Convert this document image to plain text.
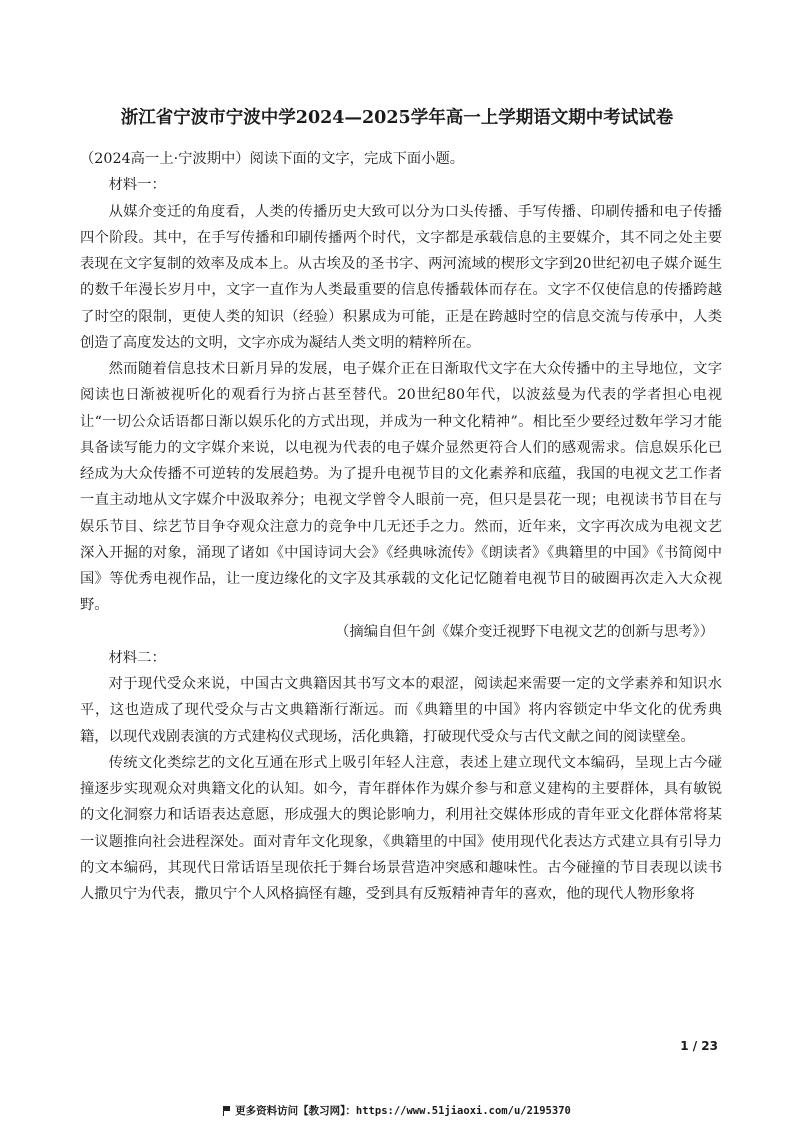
浙江省宁波市宁波中学2024—2025学年高一上学期语文期中考试试卷

（2024高一上·宁波期中）阅读下面的文字，完成下面小题。

材料一：

从媒介变迁的角度看，人类的传播历史大致可以分为口头传播、手写传播、印刷传播和电子传播四个阶段。其中，在手写传播和印刷传播两个时代，文字都是承载信息的主要媒介，其不同之处主要表现在文字复制的效率及成本上。从古埃及的圣书字、两河流域的楔形文字到20世纪初电子媒介诞生的数千年漫长岁月中，文字一直作为人类最重要的信息传播载体而存在。文字不仅使信息的传播跨越了时空的限制，更使人类的知识（经验）积累成为可能，正是在跨越时空的信息交流与传承中，人类创造了高度发达的文明，文字亦成为凝结人类文明的精粹所在。

然而随着信息技术日新月异的发展，电子媒介正在日渐取代文字在大众传播中的主导地位，文字阅读也日渐被视听化的观看行为挤占甚至替代。20世纪80年代，以波兹曼为代表的学者担心电视让“一切公众话语都日渐以娱乐化的方式出现，并成为一种文化精神”。相比至少要经过数年学习才能具备读写能力的文字媒介来说，以电视为代表的电子媒介显然更符合人们的感观需求。信息娱乐化已经成为大众传播不可逆转的发展趋势。为了提升电视节目的文化素养和底蕴，我国的电视文艺工作者一直主动地从文字媒介中汲取养分；电视文学曾令人眼前一亮，但只是昙花一现；电视读书节目在与娱乐节目、综艺节目争夺观众注意力的竞争中几无还手之力。然而，近年来，文字再次成为电视文艺深入开掘的对象，涌现了诸如《中国诗词大会》《经典咏流传》《朗读者》《典籍里的中国》《书简阅中国》等优秀电视作品，让一度边缘化的文字及其承载的文化记忆随着电视节目的破圈再次走入大众视野。

（摘编自但午剑《媒介变迁视野下电视文艺的创新与思考》）

材料二：

对于现代受众来说，中国古文典籍因其书写文本的艰涩，阅读起来需要一定的文学素养和知识水平，这也造成了现代受众与古文典籍渐行渐远。而《典籍里的中国》将内容锁定中华文化的优秀典籍，以现代戏剧表演的方式建构仪式现场，活化典籍，打破现代受众与古代文献之间的阅读壁垒。

传统文化类综艺的文化互通在形式上吸引年轻人注意，表述上建立现代文本编码，呈现上古今碰撞逐步实现观众对典籍文化的认知。如今，青年群体作为媒介参与和意义建构的主要群体，具有敏锐的文化洞察力和话语表达意愿，形成强大的舆论影响力，利用社交媒体形成的青年亚文化群体常将某一议题推向社会进程深处。面对青年文化现象，《典籍里的中国》使用现代化表达方式建立具有引导力的文本编码，其现代日常话语呈现依托于舞台场景营造冲突感和趣味性。古今碰撞的节目表现以读书人撒贝宁为代表，撒贝宁个人风格搞怪有趣，受到具有反叛精神青年的喜欢，他的现代人物形象将

1 / 23
更多资料访问【教习网】：https://www.51jiaoxi.com/u/2195370
